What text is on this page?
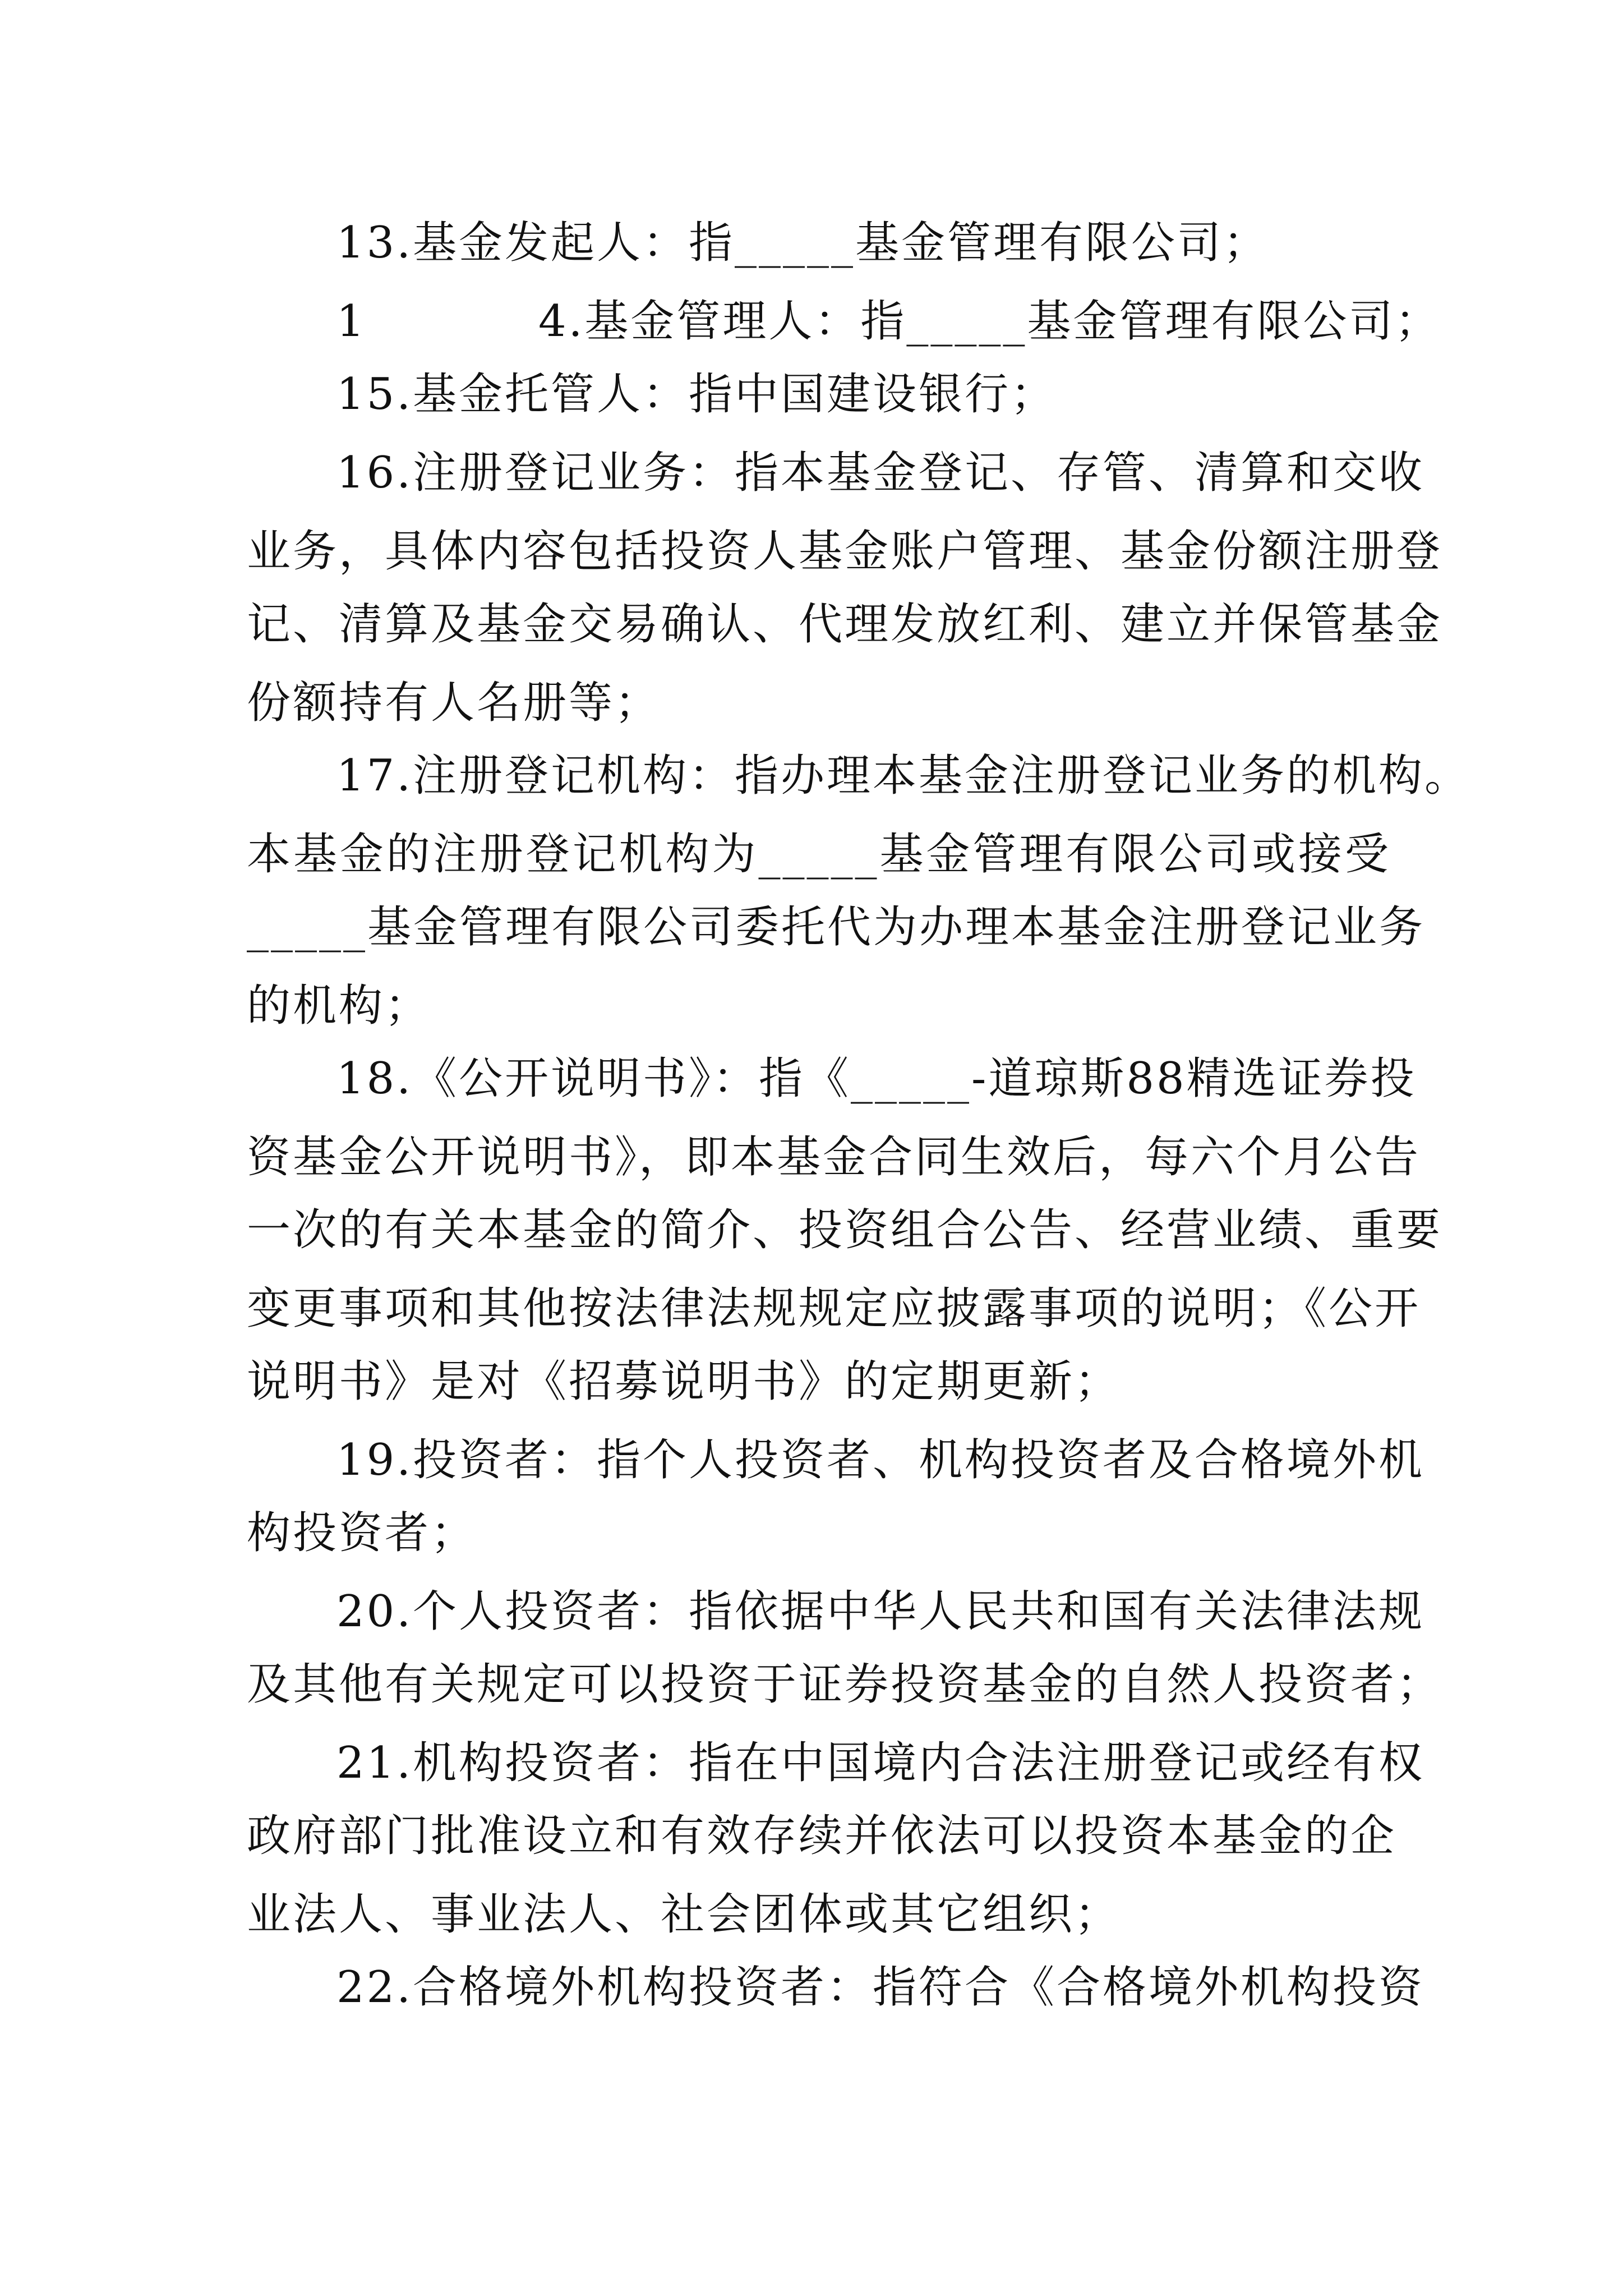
13.基金发起人：指_____基金管理有限公司；
1	4.基金管理人：指_____基金管理有限公司；
15.基金托管人：指中国建设银行；
16.注册登记业务：指本基金登记、存管、清算和交收
业务，具体内容包括投资人基金账户管理、基金份额注册登
记、清算及基金交易确认、代理发放红利、建立并保管基金
份额持有人名册等；
17.注册登记机构：指办理本基金注册登记业务的机构。
本基金的注册登记机构为_____基金管理有限公司或接受
_____基金管理有限公司委托代为办理本基金注册登记业务
的机构；
18.《公开说明书》：指《_____-道琼斯88精选证券投
资基金公开说明书》，即本基金合同生效后，每六个月公告
一次的有关本基金的简介、投资组合公告、经营业绩、重要
变更事项和其他按法律法规规定应披露事项的说明；《公开
说明书》是对《招募说明书》的定期更新；
19.投资者：指个人投资者、机构投资者及合格境外机
构投资者；
20.个人投资者：指依据中华人民共和国有关法律法规
及其他有关规定可以投资于证券投资基金的自然人投资者；
21.机构投资者：指在中国境内合法注册登记或经有权
政府部门批准设立和有效存续并依法可以投资本基金的企
业法人、事业法人、社会团体或其它组织；
22.合格境外机构投资者：指符合《合格境外机构投资
